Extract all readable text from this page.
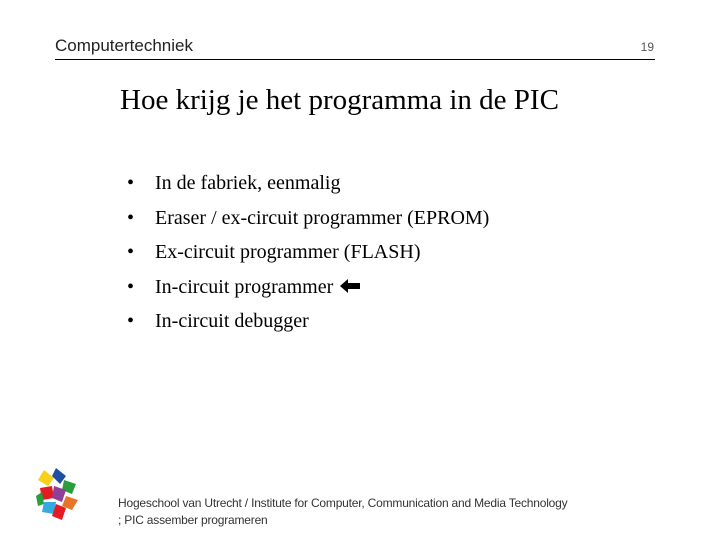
Computertechniek	19
Hoe krijg je het programma in de PIC
•	In de fabriek, eenmalig
•	Eraser / ex-circuit programmer (EPROM)
•	Ex-circuit programmer (FLASH)
•	In-circuit programmer
•	In-circuit debugger
Hogeschool van Utrecht / Institute for Computer, Communication and Media Technology
; PIC assember programeren
